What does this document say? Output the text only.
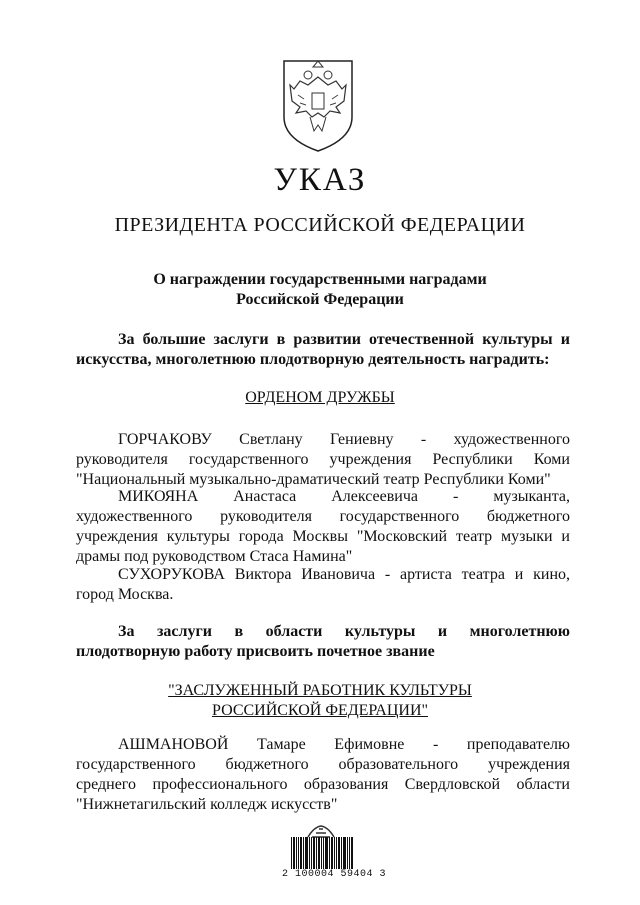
УКАЗ
ПРЕЗИДЕНТА РОССИЙСКОЙ ФЕДЕРАЦИИ
О награждении государственными наградами
Российской Федерации
За большие заслуги в развитии отечественной культуры и
искусства, многолетнюю плодотворную деятельность наградить:
ОРДЕНОМ ДРУЖБЫ
ГОРЧАКОВУ Светлану Гениевну - художественного
руководителя государственного учреждения Республики Коми
"Национальный музыкально-драматический театр Республики Коми"
МИКОЯНА Анастаса Алексеевича - музыканта,
художественного руководителя государственного бюджетного
учреждения культуры города Москвы "Московский театр музыки и
драмы под руководством Стаса Намина"
СУХОРУКОВА Виктора Ивановича - артиста театра и кино,
город Москва.
За заслуги в области культуры и многолетнюю
плодотворную работу присвоить почетное звание
"ЗАСЛУЖЕННЫЙ РАБОТНИК КУЛЬТУРЫ
РОССИЙСКОЙ ФЕДЕРАЦИИ"
АШМАНОВОЙ Тамаре Ефимовне - преподавателю
государственного бюджетного образовательного учреждения
среднего профессионального образования Свердловской области
"Нижнетагильский колледж искусств"
2 100004 59404 3
